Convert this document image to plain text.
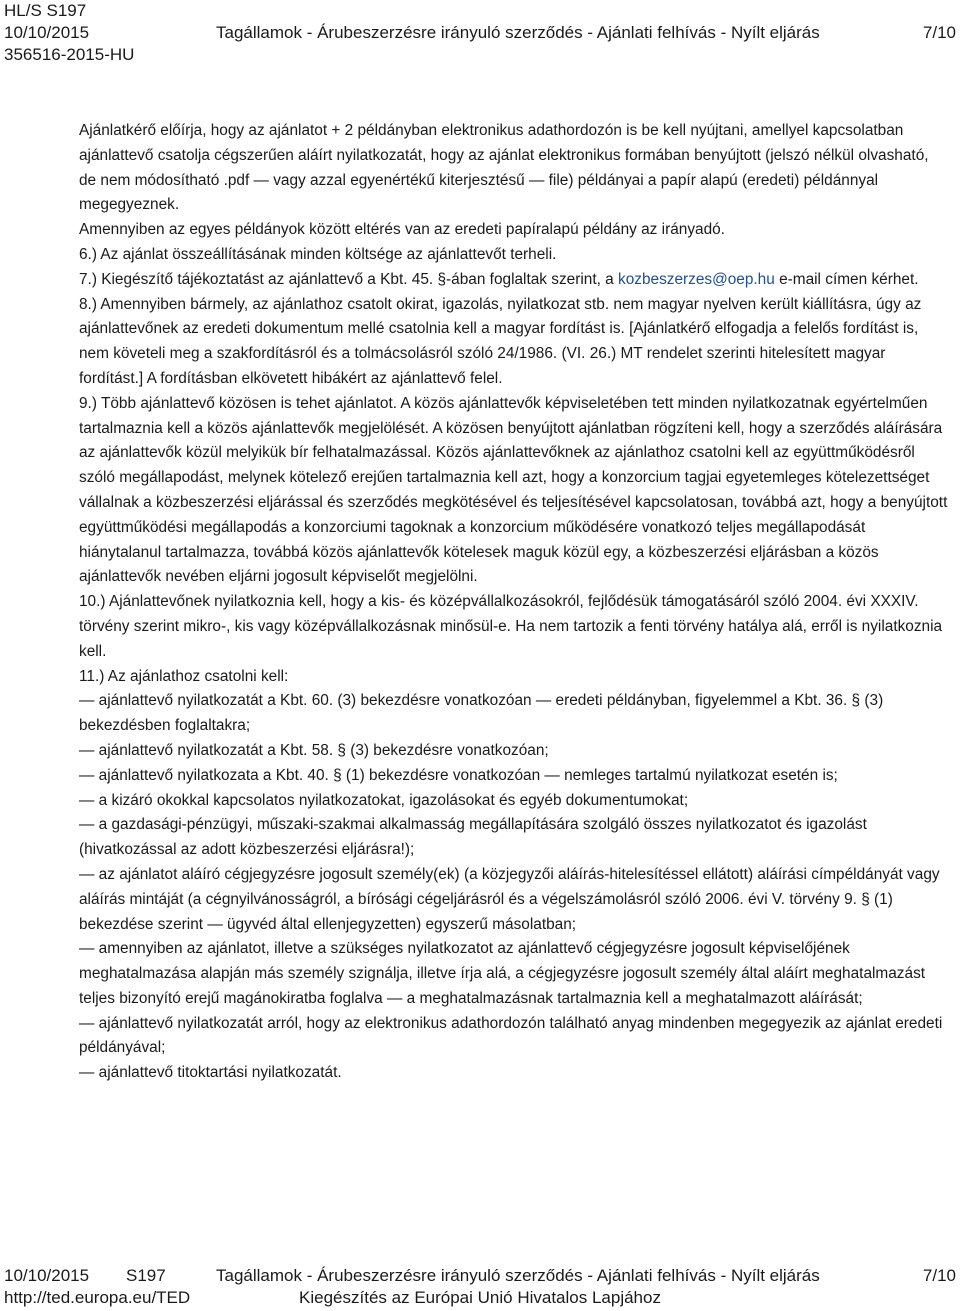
HL/S S197
10/10/2015	Tagállamok - Árubeszerzésre irányuló szerződés - Ajánlati felhívás - Nyílt eljárás	7/10
356516-2015-HU

Ajánlatkérő előírja, hogy az ajánlatot + 2 példányban elektronikus adathordozón is be kell nyújtani, amellyel kapcsolatban ajánlattevő csatolja cégszerűen aláírt nyilatkozatát, hogy az ajánlat elektronikus formában benyújtott (jelszó nélkül olvasható, de nem módosítható .pdf — vagy azzal egyenértékű kiterjesztésű — file) példányai a papír alapú (eredeti) példánnyal megegyeznek.

Amennyiben az egyes példányok között eltérés van az eredeti papíralapú példány az irányadó.

6.) Az ajánlat összeállításának minden költsége az ajánlattevőt terheli.

7.) Kiegészítő tájékoztatást az ajánlattevő a Kbt. 45. §-ában foglaltak szerint, a kozbeszerzes@oep.hu e-mail címen kérhet.

8.) Amennyiben bármely, az ajánlathoz csatolt okirat, igazolás, nyilatkozat stb. nem magyar nyelven került kiállításra, úgy az ajánlattevőnek az eredeti dokumentum mellé csatolnia kell a magyar fordítást is. [Ajánlatkérő elfogadja a felelős fordítást is, nem követeli meg a szakfordításról és a tolmácsolásról szóló 24/1986. (VI. 26.) MT rendelet szerinti hitelesített magyar fordítást.] A fordításban elkövetett hibákért az ajánlattevő felel.

9.) Több ajánlattevő közösen is tehet ajánlatot. A közös ajánlattevők képviseletében tett minden nyilatkozatnak egyértelműen tartalmaznia kell a közös ajánlattevők megjelölését. A közösen benyújtott ajánlatban rögzíteni kell, hogy a szerződés aláírására az ajánlattevők közül melyikük bír felhatalmazással. Közös ajánlattevőknek az ajánlathoz csatolni kell az együttműködésről szóló megállapodást, melynek kötelező erejűen tartalmaznia kell azt, hogy a konzorcium tagjai egyetemleges kötelezettséget vállalnak a közbeszerzési eljárással és szerződés megkötésével és teljesítésével kapcsolatosan, továbbá azt, hogy a benyújtott együttműködési megállapodás a konzorciumi tagoknak a konzorcium működésére vonatkozó teljes megállapodását hiánytalanul tartalmazza, továbbá közös ajánlattevők kötelesek maguk közül egy, a közbeszerzési eljárásban a közös ajánlattevők nevében eljárni jogosult képviselőt megjelölni.

10.) Ajánlattevőnek nyilatkoznia kell, hogy a kis- és középvállalkozásokról, fejlődésük támogatásáról szóló 2004. évi XXXIV. törvény szerint mikro-, kis vagy középvállalkozásnak minősül-e. Ha nem tartozik a fenti törvény hatálya alá, erről is nyilatkoznia kell.

11.) Az ajánlathoz csatolni kell:

— ajánlattevő nyilatkozatát a Kbt. 60. (3) bekezdésre vonatkozóan — eredeti példányban, figyelemmel a Kbt. 36. § (3) bekezdésben foglaltakra;

— ajánlattevő nyilatkozatát a Kbt. 58. § (3) bekezdésre vonatkozóan;

— ajánlattevő nyilatkozata a Kbt. 40. § (1) bekezdésre vonatkozóan — nemleges tartalmú nyilatkozat esetén is;

— a kizáró okokkal kapcsolatos nyilatkozatokat, igazolásokat és egyéb dokumentumokat;

— a gazdasági-pénzügyi, műszaki-szakmai alkalmasság megállapítására szolgáló összes nyilatkozatot és igazolást (hivatkozással az adott közbeszerzési eljárásra!);

— az ajánlatot aláíró cégjegyzésre jogosult személy(ek) (a közjegyzői aláírás-hitelesítéssel ellátott) aláírási címpéldányát vagy aláírás mintáját (a cégnyilvánosságról, a bírósági cégeljárásról és a végelszámolásról szóló 2006. évi V. törvény 9. § (1) bekezdése szerint — ügyvéd által ellenjegyzetten) egyszerű másolatban;

— amennyiben az ajánlatot, illetve a szükséges nyilatkozatot az ajánlattevő cégjegyzésre jogosult képviselőjének meghatalmazása alapján más személy szignálja, illetve írja alá, a cégjegyzésre jogosult személy által aláírt meghatalmazást teljes bizonyító erejű magánokiratba foglalva — a meghatalmazásnak tartalmaznia kell a meghatalmazott aláírását;

— ajánlattevő nyilatkozatát arról, hogy az elektronikus adathordozón található anyag mindenben megegyezik az ajánlat eredeti példányával;

— ajánlattevő titoktartási nyilatkozatát.

10/10/2015 S197	Tagállamok - Árubeszerzésre irányuló szerződés - Ajánlati felhívás - Nyílt eljárás	7/10
http://ted.europa.eu/TED	Kiegészítés az Európai Unió Hivatalos Lapjához
